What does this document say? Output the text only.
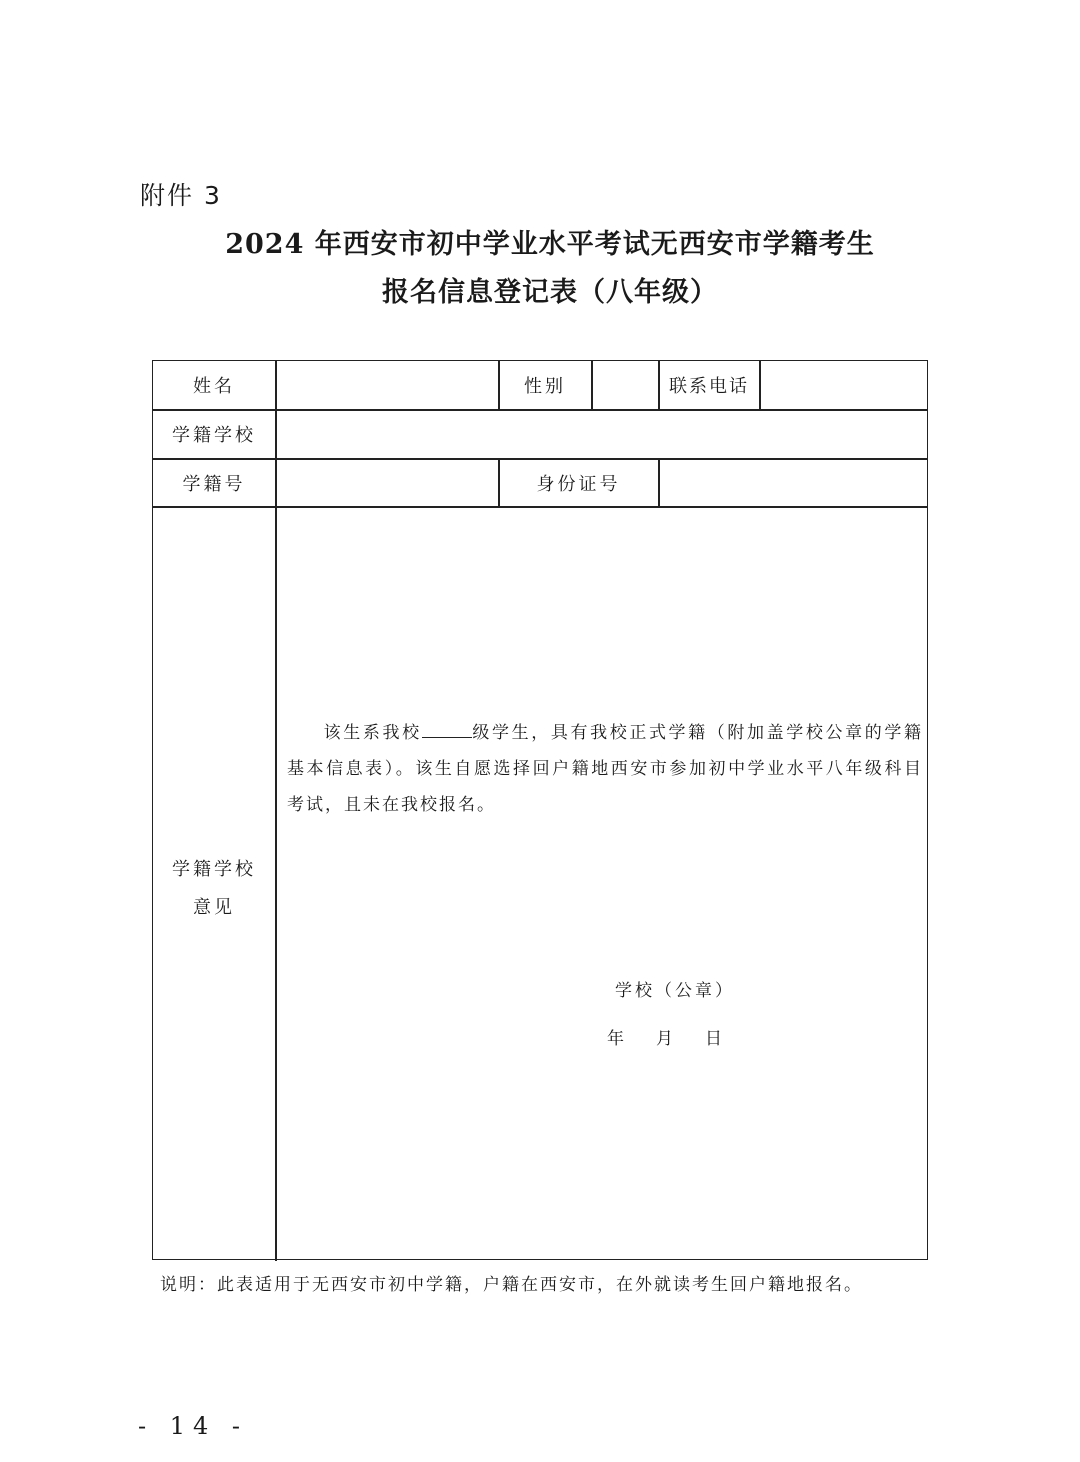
附件 3
2024 年西安市初中学业水平考试无西安市学籍考生
报名信息登记表（八年级）
姓名	性别	联系电话
学籍学校
学籍号	身份证号
学籍学校
意见
该生系我校	级学生，具有我校正式学籍（附加盖学校公章的学籍基本信息表）。该生自愿选择回户籍地西安市参加初中学业水平八年级科目考试，且未在我校报名。
学校（公章）
年 月 日
说明：此表适用于无西安市初中学籍，户籍在西安市，在外就读考生回户籍地报名。
- 14 -
